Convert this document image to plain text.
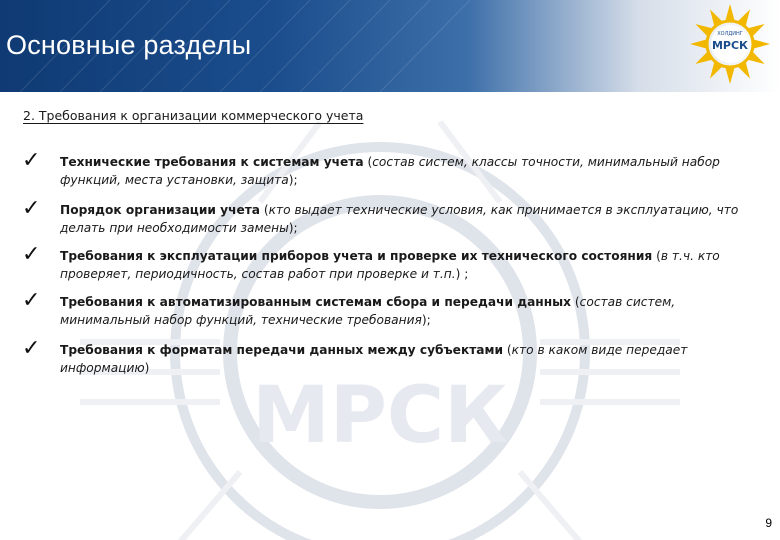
Основные разделы	ХОЛДИНГ
МРСК
МРСК
2. Требования к организации коммерческого учета
✓ Технические требования к системам учета (состав систем, классы точности, минимальный набор функций, места установки, защита);
✓ Порядок организации учета (кто выдает технические условия, как принимается в эксплуатацию, что делать при необходимости замены);
✓ Требования к эксплуатации приборов учета и проверке их технического состояния (в т.ч. кто проверяет, периодичность, состав работ при проверке и т.п.) ;
✓ Требования к автоматизированным системам сбора и передачи данных (состав систем, минимальный набор функций, технические требования);
✓ Требования к форматам передачи данных между субъектами (кто в каком виде передает информацию)
9
